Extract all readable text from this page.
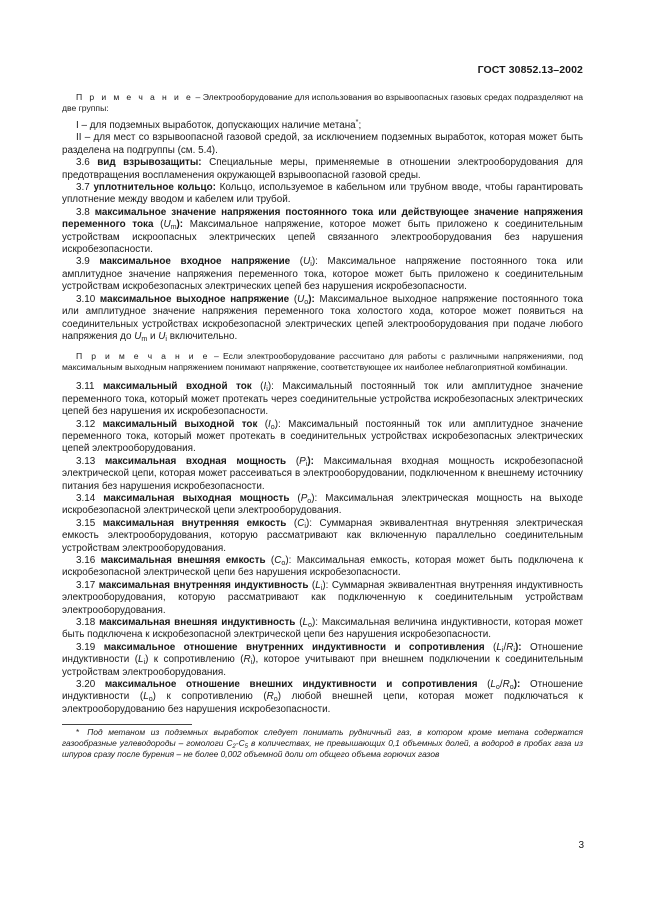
ГОСТ 30852.13–2002

П р и м е ч а н и е – Электрооборудование для использования во взрывоопасных газовых средах подразделяют на две группы:

I – для подземных выработок, допускающих наличие метана*;

II – для мест со взрывоопасной газовой средой, за исключением подземных выработок, которая может быть разделена на подгруппы (см. 5.4).

3.6 вид взрывозащиты: Специальные меры, применяемые в отношении электрооборудования для предотвращения воспламенения окружающей взрывоопасной газовой среды.

3.7 уплотнительное кольцо: Кольцо, используемое в кабельном или трубном вводе, чтобы гарантировать уплотнение между вводом и кабелем или трубой.

3.8 максимальное значение напряжения постоянного тока или действующее значение напряжения переменного тока $(U_m)$: Максимальное напряжение, которое может быть приложено к соединительным устройствам искроопасных электрических цепей связанного электрооборудования без нарушения искробезопасности.

3.9 максимальное входное напряжение $(U_i)$: Максимальное напряжение постоянного тока или амплитудное значение напряжения переменного тока, которое может быть приложено к соединительным устройствам искробезопасных электрических цепей без нарушения искробезопасности.

3.10 максимальное выходное напряжение $(U_o)$: Максимальное выходное напряжение постоянного тока или амплитудное значение напряжения переменного тока холостого хода, которое может появиться на соединительных устройствах искробезопасной электрических цепей электрооборудования при подаче любого напряжения до $U_m$ и $U_i$ включительно.

П р и м е ч а н и е – Если электрооборудование рассчитано для работы с различными напряжениями, под максимальным выходным напряжением понимают напряжение, соответствующее их наиболее неблагоприятной комбинации.

3.11 максимальный входной ток $(I_i)$: Максимальный постоянный ток или амплитудное значение переменного тока, который может протекать через соединительные устройства искробезопасных электрических цепей без нарушения их искробезопасности.

3.12 максимальный выходной ток $(I_o)$: Максимальный постоянный ток или амплитудное значение переменного тока, который может протекать в соединительных устройствах искробезопасных электрических цепей электрооборудования.

3.13 максимальная входная мощность $(P_i)$: Максимальная входная мощность искробезопасной электрической цепи, которая может рассеиваться в электрооборудовании, подключенном к внешнему источнику питания без нарушения искробезопасности.

3.14 максимальная выходная мощность $(P_o)$: Максимальная электрическая мощность на выходе искробезопасной электрической цепи электрооборудования.

3.15 максимальная внутренняя емкость $(C_i)$: Суммарная эквивалентная внутренняя электрическая емкость электрооборудования, которую рассматривают как включенную параллельно соединительным устройствам электрооборудования.

3.16 максимальная внешняя емкость $(C_o)$: Максимальная емкость, которая может быть подключена к искробезопасной электрической цепи без нарушения искробезопасности.

3.17 максимальная внутренняя индуктивность $(L_i)$: Суммарная эквивалентная внутренняя индуктивность электрооборудования, которую рассматривают как подключенную к соединительным устройствам электрооборудования.

3.18 максимальная внешняя индуктивность $(L_o)$: Максимальная величина индуктивности, которая может быть подключена к искробезопасной электрической цепи без нарушения искробезопасности.

3.19 максимальное отношение внутренних индуктивности и сопротивления $(L_i/R_i)$: Отношение индуктивности $(L_i)$ к сопротивлению $(R_i)$, которое учитывают при внешнем подключении к соединительным устройствам электрооборудования.

3.20 максимальное отношение внешних индуктивности и сопротивления $(L_o/R_o)$: Отношение индуктивности $(L_o)$ к сопротивлению $(R_o)$ любой внешней цепи, которая может подключаться к электрооборудованию без нарушения искробезопасности.

* Под метаном из подземных выработок следует понимать рудничный газ, в котором кроме метана содержатся газообразные углеводороды – гомологи $С_2-С_5$ в количествах, не превышающих 0,1 объемных долей, а водород в пробах газа из шпуров сразу после бурения – не более 0,002 объемной доли от общего объема горючих газов

3
